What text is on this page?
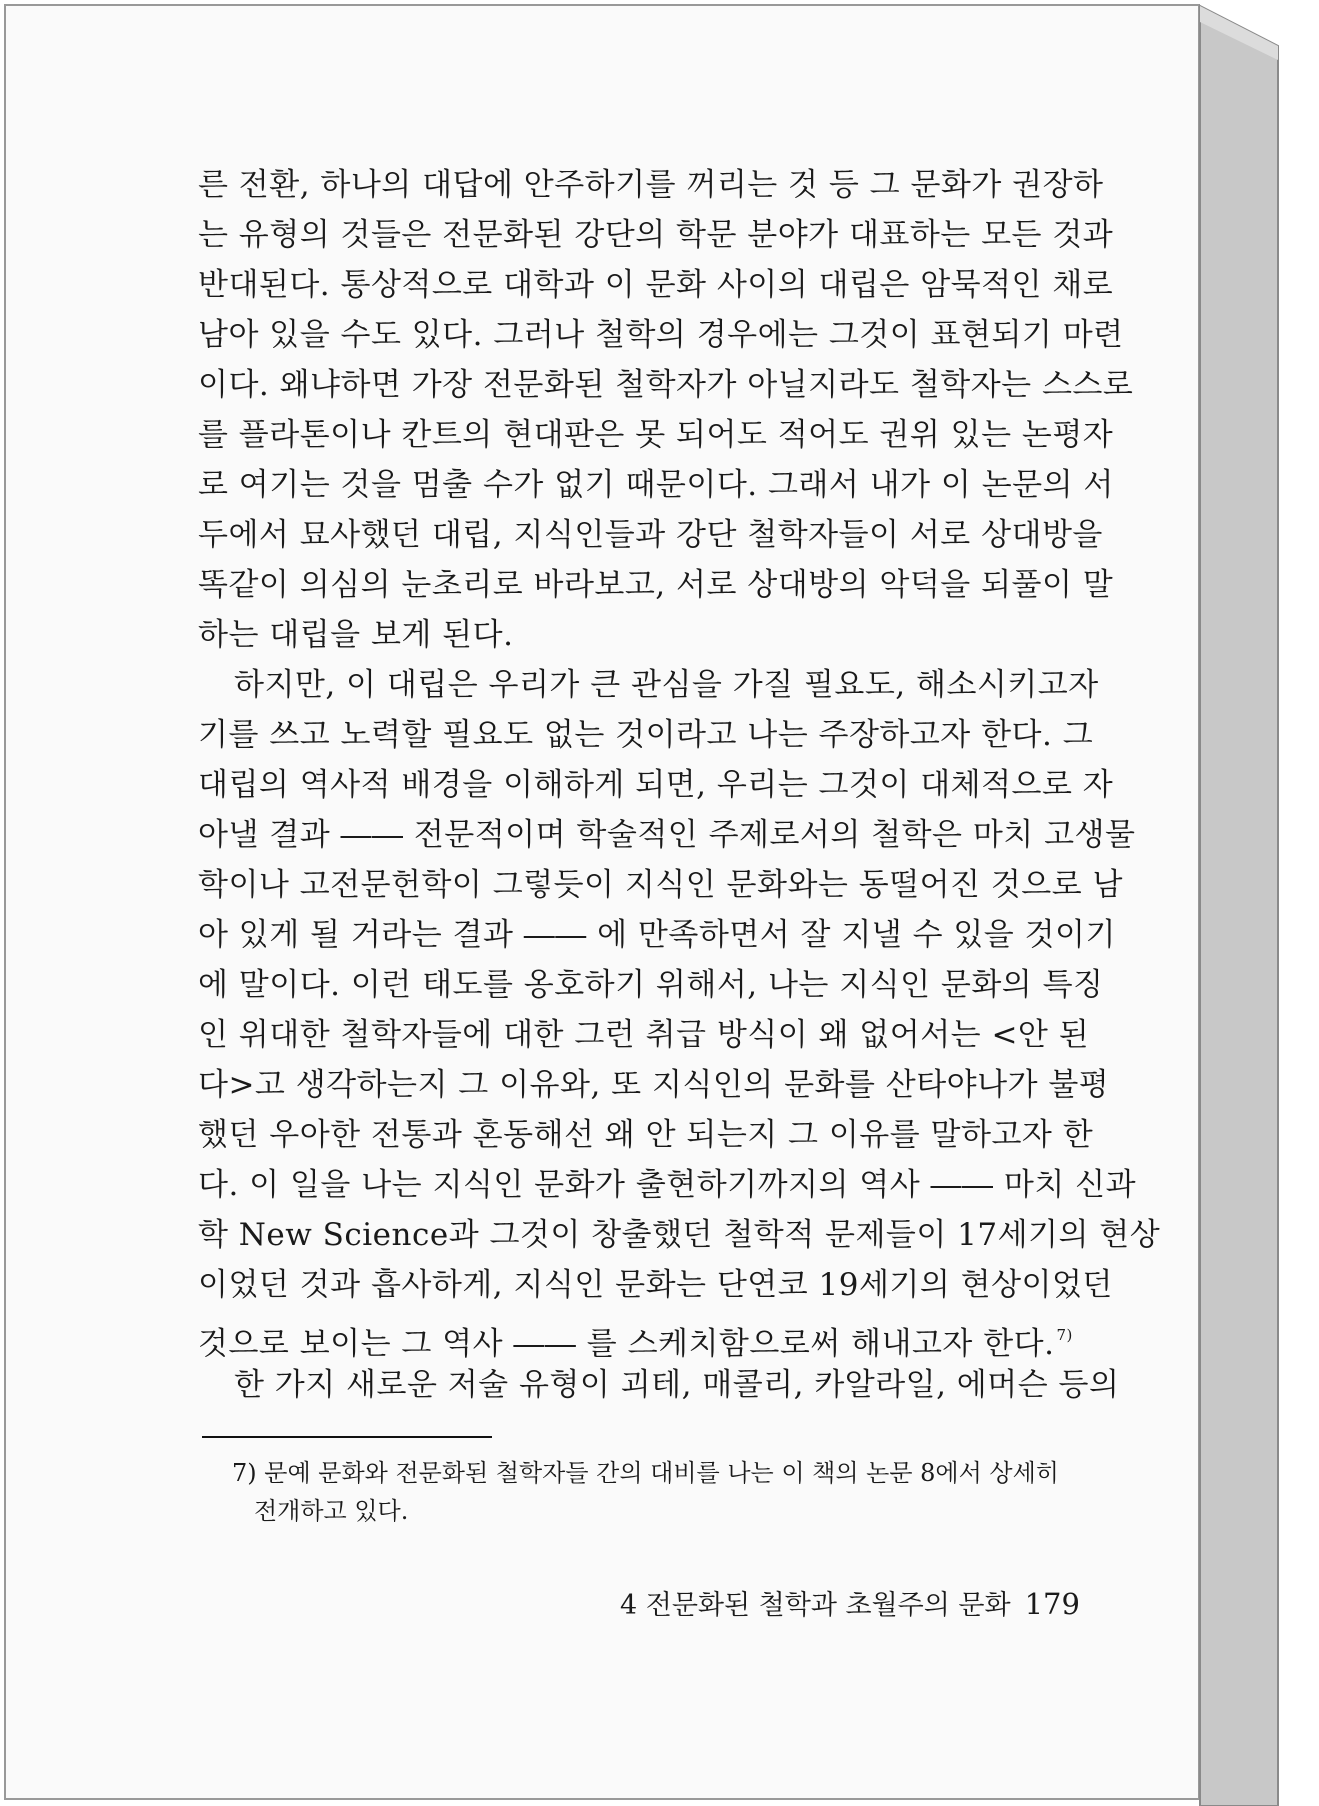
른 전환, 하나의 대답에 안주하기를 꺼리는 것 등 그 문화가 권장하
는 유형의 것들은 전문화된 강단의 학문 분야가 대표하는 모든 것과
반대된다. 통상적으로 대학과 이 문화 사이의 대립은 암묵적인 채로
남아 있을 수도 있다. 그러나 철학의 경우에는 그것이 표현되기 마련
이다. 왜냐하면 가장 전문화된 철학자가 아닐지라도 철학자는 스스로
를 플라톤이나 칸트의 현대판은 못 되어도 적어도 권위 있는 논평자
로 여기는 것을 멈출 수가 없기 때문이다. 그래서 내가 이 논문의 서
두에서 묘사했던 대립, 지식인들과 강단 철학자들이 서로 상대방을
똑같이 의심의 눈초리로 바라보고, 서로 상대방의 악덕을 되풀이 말
하는 대립을 보게 된다.
하지만, 이 대립은 우리가 큰 관심을 가질 필요도, 해소시키고자
기를 쓰고 노력할 필요도 없는 것이라고 나는 주장하고자 한다. 그
대립의 역사적 배경을 이해하게 되면, 우리는 그것이 대체적으로 자
아낼 결과 ―― 전문적이며 학술적인 주제로서의 철학은 마치 고생물
학이나 고전문헌학이 그렇듯이 지식인 문화와는 동떨어진 것으로 남
아 있게 될 거라는 결과 ―― 에 만족하면서 잘 지낼 수 있을 것이기
에 말이다. 이런 태도를 옹호하기 위해서, 나는 지식인 문화의 특징
인 위대한 철학자들에 대한 그런 취급 방식이 왜 없어서는 <안 된
다>고 생각하는지 그 이유와, 또 지식인의 문화를 산타야나가 불평
했던 우아한 전통과 혼동해선 왜 안 되는지 그 이유를 말하고자 한
다. 이 일을 나는 지식인 문화가 출현하기까지의 역사 ―― 마치 신과
학 New Science과 그것이 창출했던 철학적 문제들이 17세기의 현상
이었던 것과 흡사하게, 지식인 문화는 단연코 19세기의 현상이었던
것으로 보이는 그 역사 ―― 를 스케치함으로써 해내고자 한다. $^{7)}$
한 가지 새로운 저술 유형이 괴테, 매콜리, 카알라일, 에머슨 등의
7) 문예 문화와 전문화된 철학자들 간의 대비를 나는 이 책의 논문 8에서 상세히
전개하고 있다.
4 전문화된 철학과 초월주의 문화 179
